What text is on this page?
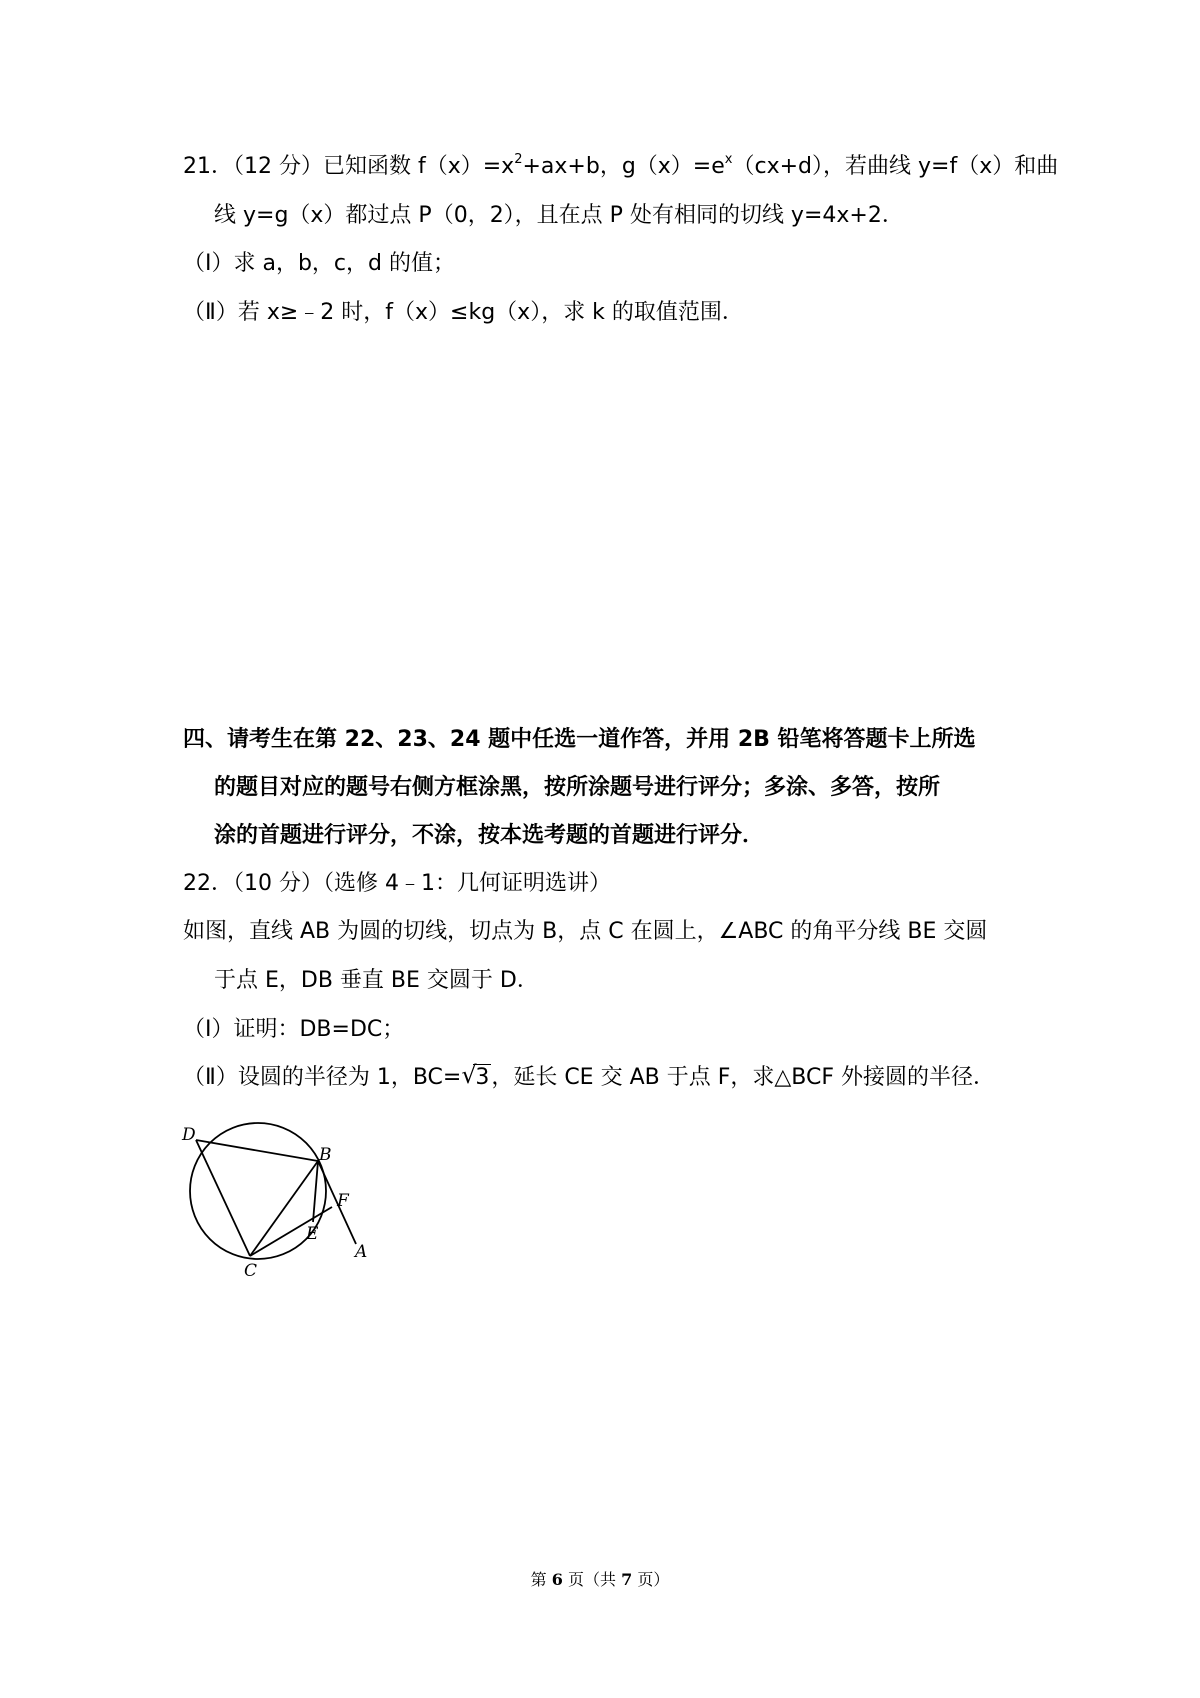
21．（12 分）已知函数 $f(x)=x^2+ax+b$，$g(x)=e^x(cx+d)$，若曲线 y=f（x）和曲
线 y=g（x）都过点 P（0，2），且在点 P 处有相同的切线 y=4x+2．
（Ⅰ）求 a，b，c，d 的值；
（Ⅱ）若 x≥﹣2 时，f（x）≤kg（x），求 k 的取值范围．
四、请考生在第 22、23、24 题中任选一道作答，并用 2B 铅笔将答题卡上所选
的题目对应的题号右侧方框涂黑，按所涂题号进行评分；多涂、多答，按所
涂的首题进行评分，不涂，按本选考题的首题进行评分．
22．（10 分）（选修 4﹣1：几何证明选讲）
如图，直线 AB 为圆的切线，切点为 B，点 C 在圆上，∠ABC 的角平分线 BE 交圆
于点 E，DB 垂直 BE 交圆于 D．
（Ⅰ）证明：DB=DC；
（Ⅱ）设圆的半径为 1，BC= √
3，延长 CE 交 AB 于点 F，求△BCF 外接圆的半径．
D
B
F
E
A
C
第 6 页（共 7 页）
